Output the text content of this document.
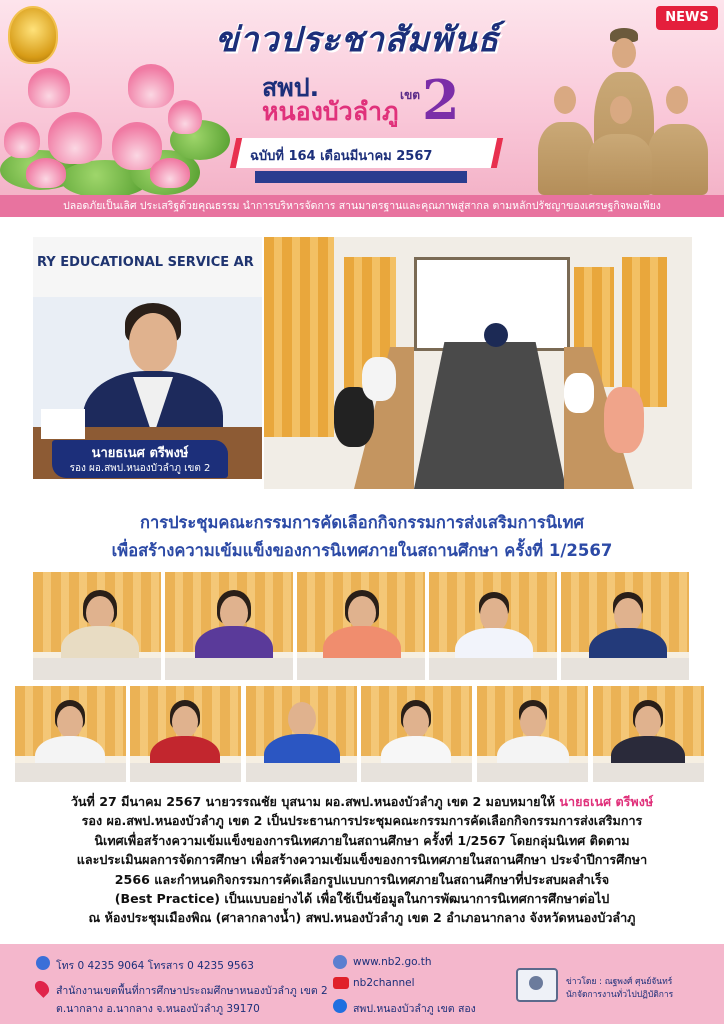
ข่าวประชาสัมพันธ์
สพป.
หนองบัวลำภู
เขต 2
ฉบับที่ 164 เดือนมีนาคม 2567
NEWS
ปลอดภัยเป็นเลิศ ประเสริฐด้วยคุณธรรม นำการบริหารจัดการ สานมาตรฐานและคุณภาพสู่สากล ตามหลักปรัชญาของเศรษฐกิจพอเพียง
RY EDUCATIONAL SERVICE AR
นายธเนศ ตรีพงษ์
รอง ผอ.สพป.หนองบัวลำภู เขต 2
การประชุมคณะกรรมการคัดเลือกกิจกรรมการส่งเสริมการนิเทศ
เพื่อสร้างความเข้มแข็งของการนิเทศภายในสถานศึกษา ครั้งที่ 1/2567
วันที่ 27 มีนาคม 2567 นายวรรณชัย บุสนาม ผอ.สพป.หนองบัวลำภู เขต 2 มอบหมายให้ นายธเนศ ตรีพงษ์
รอง ผอ.สพป.หนองบัวลำภู เขต 2 เป็นประธานการประชุมคณะกรรมการคัดเลือกกิจกรรมการส่งเสริมการ
นิเทศเพื่อสร้างความเข้มแข็งของการนิเทศภายในสถานศึกษา ครั้งที่ 1/2567 โดยกลุ่มนิเทศ ติดตาม
และประเมินผลการจัดการศึกษา เพื่อสร้างความเข้มแข็งของการนิเทศภายในสถานศึกษา ประจำปีการศึกษา
2566 และกำหนดกิจกรรมการคัดเลือกรูปแบบการนิเทศภายในสถานศึกษาที่ประสบผลสำเร็จ
(Best Practice) เป็นแบบอย่างได้ เพื่อใช้เป็นข้อมูลในการพัฒนาการนิเทศการศึกษาต่อไป
ณ ห้องประชุมเมืองพิณ (ศาลากลางน้ำ) สพป.หนองบัวลำภู เขต 2 อำเภอนากลาง จังหวัดหนองบัวลำภู
โทร 0 4235 9064 โทรสาร 0 4235 9563
สำนักงานเขตพื้นที่การศึกษาประถมศึกษาหนองบัวลำภู เขต 2
ต.นากลาง อ.นากลาง จ.หนองบัวลำภู 39170
www.nb2.go.th
nb2channel
สพป.หนองบัวลำภู เขต สอง
ข่าวโดย : ณฐพงศ์ ศุนย์จันทร์
นักจัดการงานทั่วไปปฏิบัติการ
